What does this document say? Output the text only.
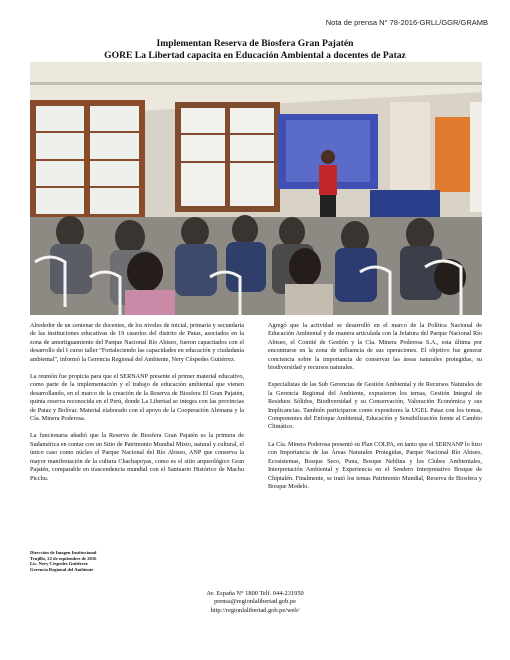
Nota de prensa N° 78-2016-GRLL/GGR/GRAMB
Implementan Reserva de Biosfera Gran Pajatén
GORE La Libertad capacita en Educación Ambiental a docentes de Pataz

Alrededor de un centenar de docentes, de los niveles de inicial, primaria y secundaria de las instituciones educativas de 19 caseríos del distrito de Pataz, asociados en la zona de amortiguamiento del Parque Nacional Río Abiseo, fueron capacitados con el desarrollo del I curso taller "Fortaleciendo las capacidades en educación y ciudadanía ambiental", informó la Gerencia Regional del Ambiente, Nery Céspedes Gutiérrez.

La reunión fue propicia para que el SERNANP presente el primer material educativo, como parte de la implementación y el trabajo de educación ambiental que vienen desarrollando, en el marco de la creación de la Reserva de Biosfera El Gran Pajatén, quinta reserva reconocida en el Perú, donde La Libertad se integra con las provincias de Pataz y Bolívar. Material elaborado con el apoyo de la Cooperación Alemana y la Cía. Minera Poderosa.

La funcionaria añadió que la Reserva de Biosfera Gran Pajatén es la primera de Sudamérica en contar con un Sitio de Patrimonio Mundial Mixto, natural y cultural, el único caso como núcleo el Parque Nacional del Río Abiseo, ANP que conserva la mayor manifestación de la cultura Chachapoyas, como es el sitio arqueológico Gran Pajatén, comparable en trascendencia mundial con el Santuario Histórico de Machu Picchu.

Agregó que la actividad se desarrolló en el marco de la Política Nacional de Educación Ambiental y de manera articulada con la Jefatura del Parque Nacional Río Abiseo, el Comité de Gestión y la Cía. Minera Poderosa S.A., esta última por encontrarse en la zona de influencia de sus operaciones. El objetivo fue generar conciencia sobre la importancia de conservar las áreas naturales protegidas, su biodiversidad y recursos naturales.

Especialistas de las Sub Gerencias de Gestión Ambiental y de Recursos Naturales de la Gerencia Regional del Ambiente, expusieron los temas, Gestión Integral de Residuos Sólidos, Biodiversidad y su Conservación, Valoración Económica y sus Implicancias. También participaron como expositores la UGEL Pataz con los temas, Componentes del Enfoque Ambiental, Educación y Sensibilización frente al Cambio Climático.

La Cía. Minera Poderosa presentó su Plan COLPA, en tanto que el SERNANP lo hizo con Importancia de las Áreas Naturales Protegidas, Parque Nacional Río Abiseo, Ecosistemas, Bosque Seco, Puna, Bosque Neblina y los Clubes Ambientales, Interpretación Ambiental y Experiencia en el Sendero Interpretativo Bosque de Chiptalén. Finalmente, se trató los temas Patrimonio Mundial, Reserva de Biosfera y Bosque Modelo.

Dirección de Imagen Institucional
Trujillo, 22 de septiembre de 2016
Lic. Nery Céspedes Gutiérrez
Gerencia Regional del Ambiente
Av. España N° 1800 Telf. 044-231950
prensa@regionlalibertad.gob.pe
http://regionlalibertad.gob.pe/web/
